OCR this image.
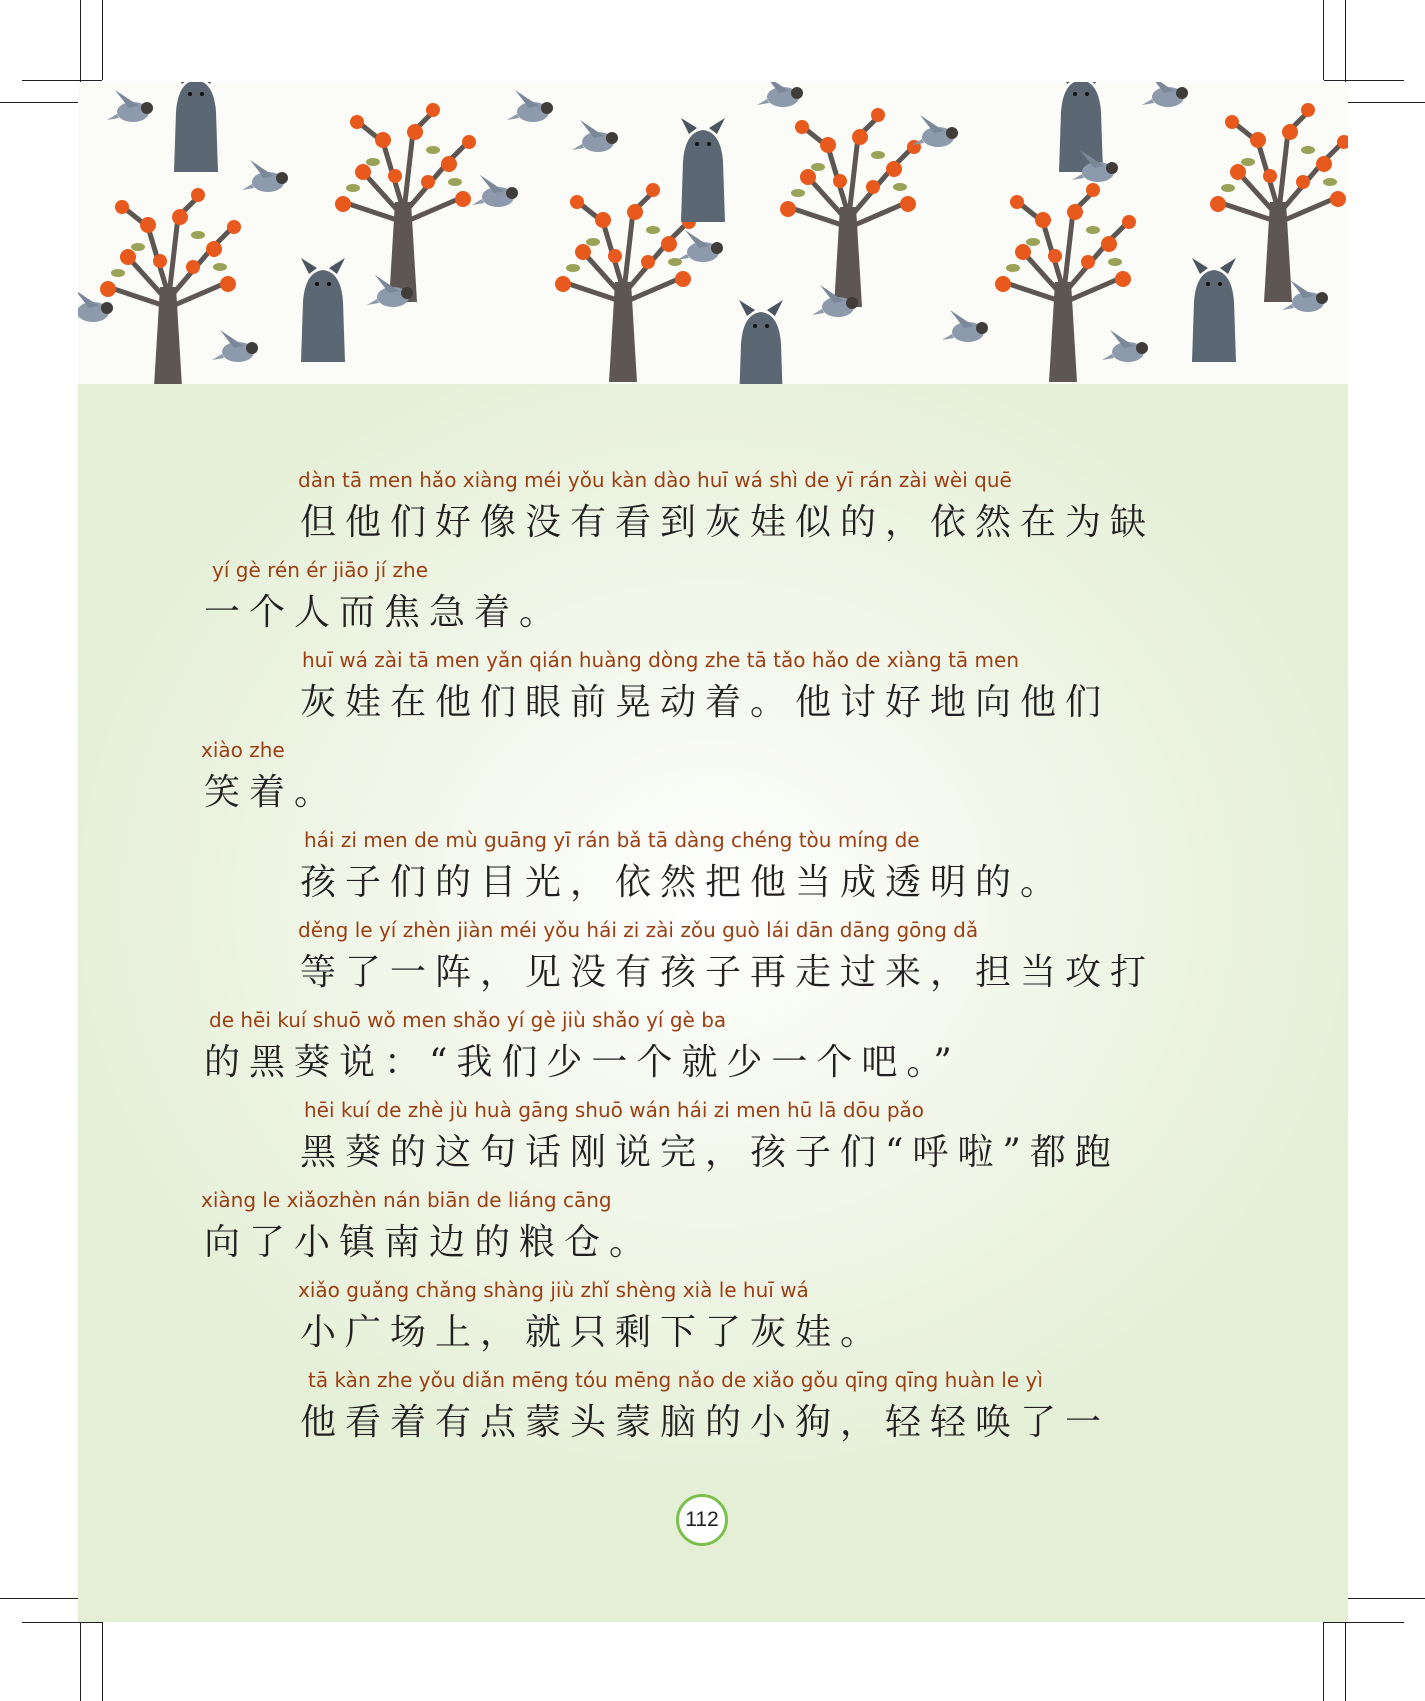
dàn tā men hǎo xiàng méi yǒu kàn dào huī wá shì de yī rán zài wèi quē
但他们好像没有看到灰娃似的，依然在为缺
yí gè rén ér jiāo jí zhe
一个人而焦急着。
huī wá zài tā men yǎn qián huàng dòng zhe tā tǎo hǎo de xiàng tā men
灰娃在他们眼前晃动着。他讨好地向他们
xiào zhe
笑着。
hái zi men de mù guāng yī rán bǎ tā dàng chéng tòu míng de
孩子们的目光，依然把他当成透明的。
děng le yí zhèn jiàn méi yǒu hái zi zài zǒu guò lái dān dāng gōng dǎ
等了一阵，见没有孩子再走过来，担当攻打
de hēi kuí shuō wǒ men shǎo yí gè jiù shǎo yí gè ba
的黑葵说：“我们少一个就少一个吧。”
hēi kuí de zhè jù huà gāng shuō wán hái zi men hū lā dōu pǎo
黑葵的这句话刚说完，孩子们“呼啦”都跑
xiàng le xiǎozhèn nán biān de liáng cāng
向了小镇南边的粮仓。
xiǎo guǎng chǎng shàng jiù zhǐ shèng xià le huī wá
小广场上，就只剩下了灰娃。
tā kàn zhe yǒu diǎn mēng tóu mēng nǎo de xiǎo gǒu qīng qīng huàn le yì
他看着有点蒙头蒙脑的小狗，轻轻唤了一
112
